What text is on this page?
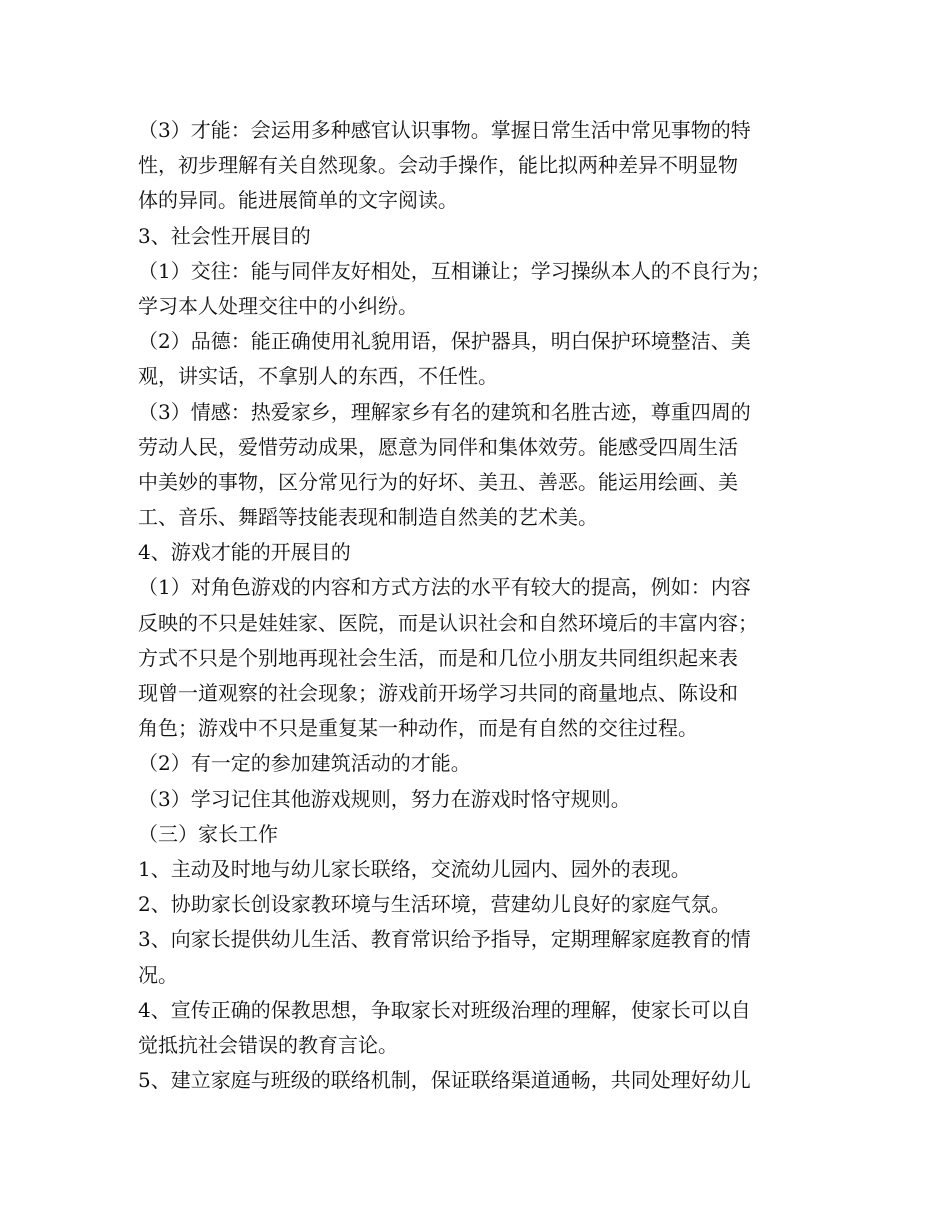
（3）才能：会运用多种感官认识事物。掌握日常生活中常见事物的特
性，初步理解有关自然现象。会动手操作，能比拟两种差异不明显物
体的异同。能进展简单的文字阅读。
3、社会性开展目的
（1）交往：能与同伴友好相处，互相谦让；学习操纵本人的不良行为；
学习本人处理交往中的小纠纷。
（2）品德：能正确使用礼貌用语，保护器具，明白保护环境整洁、美
观，讲实话，不拿别人的东西，不任性。
（3）情感：热爱家乡，理解家乡有名的建筑和名胜古迹，尊重四周的
劳动人民，爱惜劳动成果，愿意为同伴和集体效劳。能感受四周生活
中美妙的事物，区分常见行为的好坏、美丑、善恶。能运用绘画、美
工、音乐、舞蹈等技能表现和制造自然美的艺术美。
4、游戏才能的开展目的
（1）对角色游戏的内容和方式方法的水平有较大的提高，例如：内容
反映的不只是娃娃家、医院，而是认识社会和自然环境后的丰富内容；
方式不只是个别地再现社会生活，而是和几位小朋友共同组织起来表
现曾一道观察的社会现象；游戏前开场学习共同的商量地点、陈设和
角色；游戏中不只是重复某一种动作，而是有自然的交往过程。
（2）有一定的参加建筑活动的才能。
（3）学习记住其他游戏规则，努力在游戏时恪守规则。
（三）家长工作
1、主动及时地与幼儿家长联络，交流幼儿园内、园外的表现。
2、协助家长创设家教环境与生活环境，营建幼儿良好的家庭气氛。
3、向家长提供幼儿生活、教育常识给予指导，定期理解家庭教育的情
况。
4、宣传正确的保教思想，争取家长对班级治理的理解，使家长可以自
觉抵抗社会错误的教育言论。
5、建立家庭与班级的联络机制，保证联络渠道通畅，共同处理好幼儿
